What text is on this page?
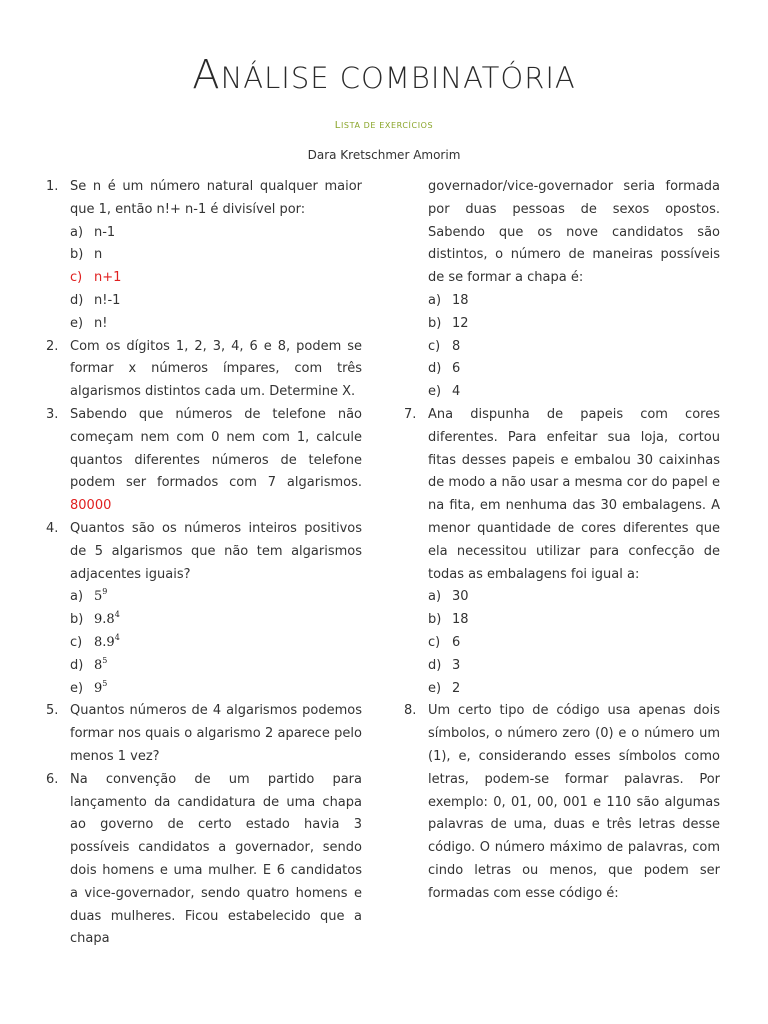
ANÁLISE COMBINATÓRIA
LISTA DE EXERCÍCIOS
Dara Kretschmer Amorim
1. Se n é um número natural qualquer maior que 1, então n!+ n-1 é divisível por:
a) n-1
b) n
c) n+1
d) n!-1
e) n!
2. Com os dígitos 1, 2, 3, 4, 6 e 8, podem se formar x números ímpares, com três algarismos distintos cada um. Determine X.
3. Sabendo que números de telefone não começam nem com 0 nem com 1, calcule quantos diferentes números de telefone podem ser formados com 7 algarismos. 80000
4. Quantos são os números inteiros positivos de 5 algarismos que não tem algarismos adjacentes iguais?
a) $5^9$
b) $9.8^4$
c) $8.9^4$
d) $8^5$
e) $9^5$
5. Quantos números de 4 algarismos podemos formar nos quais o algarismo 2 aparece pelo menos 1 vez?
6. Na convenção de um partido para lançamento da candidatura de uma chapa ao governo de certo estado havia 3 possíveis candidatos a governador, sendo dois homens e uma mulher. E 6 candidatos a vice-governador, sendo quatro homens e duas mulheres. Ficou estabelecido que a chapa
governador/vice-governador seria formada por duas pessoas de sexos opostos. Sabendo que os nove candidatos são distintos, o número de maneiras possíveis de se formar a chapa é:
a) 18
b) 12
c) 8
d) 6
e) 4
7. Ana dispunha de papeis com cores diferentes. Para enfeitar sua loja, cortou fitas desses papeis e embalou 30 caixinhas de modo a não usar a mesma cor do papel e na fita, em nenhuma das 30 embalagens. A menor quantidade de cores diferentes que ela necessitou utilizar para confecção de todas as embalagens foi igual a:
a) 30
b) 18
c) 6
d) 3
e) 2
8. Um certo tipo de código usa apenas dois símbolos, o número zero (0) e o número um (1), e, considerando esses símbolos como letras, podem-se formar palavras. Por exemplo: 0, 01, 00, 001 e 110 são algumas palavras de uma, duas e três letras desse código. O número máximo de palavras, com cindo letras ou menos, que podem ser formadas com esse código é:
